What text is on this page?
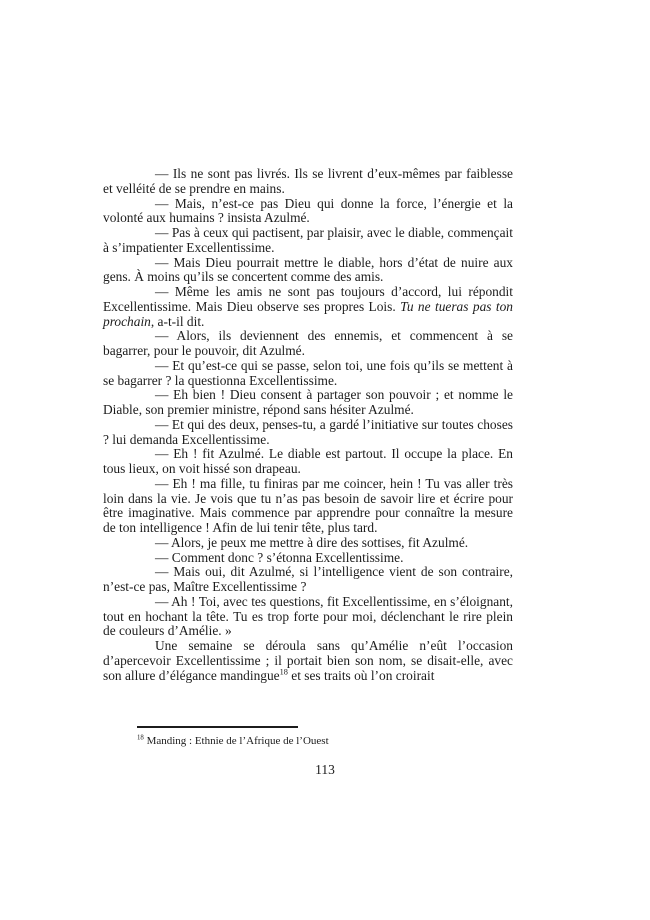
— Ils ne sont pas livrés. Ils se livrent d’eux-mêmes par faiblesse et velléité de se prendre en mains.

— Mais, n’est-ce pas Dieu qui donne la force, l’énergie et la volonté aux humains ? insista Azulmé.

— Pas à ceux qui pactisent, par plaisir, avec le diable, commençait à s’impatienter Excellentissime.

— Mais Dieu pourrait mettre le diable, hors d’état de nuire aux gens. À moins qu’ils se concertent comme des amis.

— Même les amis ne sont pas toujours d’accord, lui répondit Excellentissime. Mais Dieu observe ses propres Lois. Tu ne tueras pas ton prochain, a-t-il dit.

— Alors, ils deviennent des ennemis, et commencent à se bagarrer, pour le pouvoir, dit Azulmé.

— Et qu’est-ce qui se passe, selon toi, une fois qu’ils se mettent à se bagarrer ? la questionna Excellentissime.

— Eh bien ! Dieu consent à partager son pouvoir ; et nomme le Diable, son premier ministre, répond sans hésiter Azulmé.

— Et qui des deux, penses-tu, a gardé l’initiative sur toutes choses ? lui demanda Excellentissime.

— Eh ! fit Azulmé. Le diable est partout. Il occupe la place. En tous lieux, on voit hissé son drapeau.

— Eh ! ma fille, tu finiras par me coincer, hein ! Tu vas aller très loin dans la vie. Je vois que tu n’as pas besoin de savoir lire et écrire pour être imaginative. Mais commence par apprendre pour connaître la mesure de ton intelligence ! Afin de lui tenir tête, plus tard.

— Alors, je peux me mettre à dire des sottises, fit Azulmé.

— Comment donc ? s’étonna Excellentissime.

— Mais oui, dit Azulmé, si l’intelligence vient de son contraire, n’est-ce pas, Maître Excellentissime ?

— Ah ! Toi, avec tes questions, fit Excellentissime, en s’éloignant, tout en hochant la tête. Tu es trop forte pour moi, déclenchant le rire plein de couleurs d’Amélie. »

Une semaine se déroula sans qu’Amélie n’eût l’occasion d’apercevoir Excellentissime ; il portait bien son nom, se disait-elle, avec son allure d’élégance mandingue$^{18}$ et ses traits où l’on croirait

$^{18}$ Manding : Ethnie de l’Afrique de l’Ouest
113
